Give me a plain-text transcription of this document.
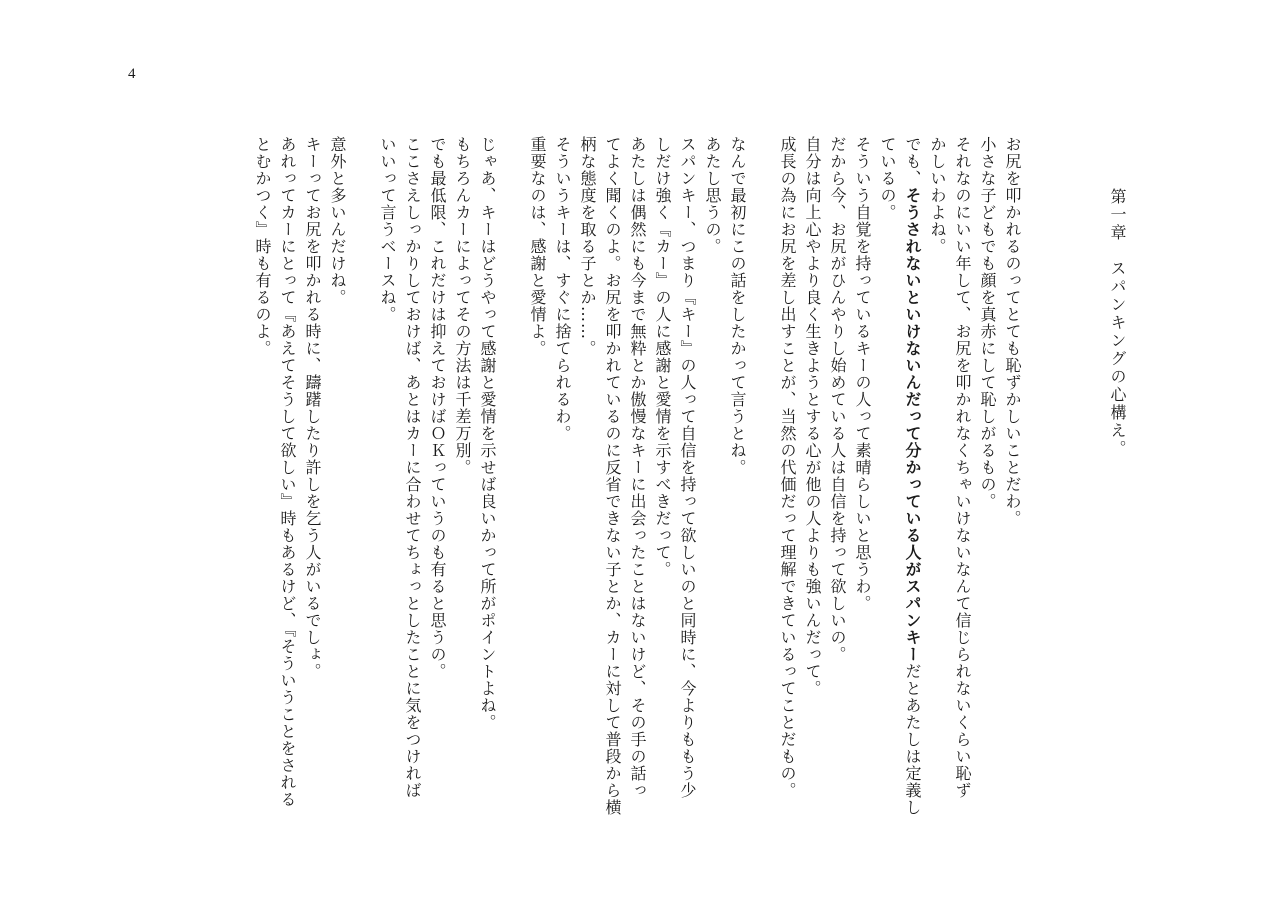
4
第一章　スパンキングの心構え。
お尻を叩かれるのってとても恥ずかしいことだわ。
小さな子どもでも顔を真赤にして恥しがるもの。
それなのにいい年して、お尻を叩かれなくちゃいけないなんて信じられないくらい恥ず
かしいわよね。
でも、そうされないといけないんだって分かっている人がスパンキーだとあたしは定義し
ているの。
そういう自覚を持っているキーの人って素晴らしいと思うわ。
だから今、お尻がひんやりし始めている人は自信を持って欲しいの。
自分は向上心やより良く生きようとする心が他の人よりも強いんだって。
成長の為にお尻を差し出すことが、当然の代価だって理解できているってことだもの。
なんで最初にこの話をしたかって言うとね。
あたし思うの。
スパンキー、つまり『キー』の人って自信を持って欲しいのと同時に、今よりももう少
しだけ強く『カー』の人に感謝と愛情を示すべきだって。
あたしは偶然にも今まで無粋とか傲慢なキーに出会ったことはないけど、その手の話っ
てよく聞くのよ。お尻を叩かれているのに反省できない子とか、カーに対して普段から横
柄な態度を取る子とか……。
そういうキーは、すぐに捨てられるわ。
重要なのは、感謝と愛情よ。
じゃあ、キーはどうやって感謝と愛情を示せば良いかって所がポイントよね。
もちろんカーによってその方法は千差万別。
でも最低限、これだけは抑えておけばＯＫっていうのも有ると思うの。
ここさえしっかりしておけば、あとはカーに合わせてちょっとしたことに気をつければ
いいって言うベースね。
意外と多いんだけね。
キーってお尻を叩かれる時に、躊躇したり許しを乞う人がいるでしょ。
あれってカーにとって『あえてそうして欲しい』時もあるけど、『そういうことをされる
とむかつく』時も有るのよ。
